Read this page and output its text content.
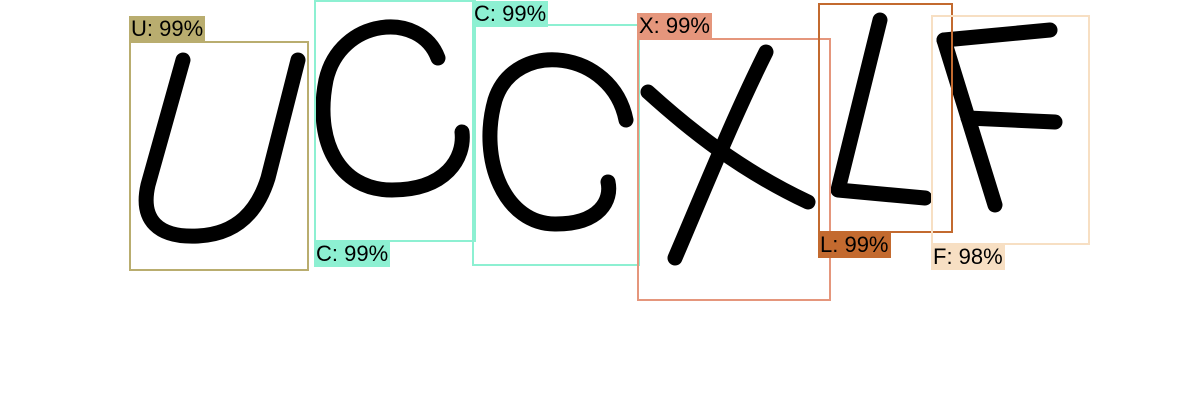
U: 99%
C: 99%
C: 99%	X: 99%
L: 99% F: 98%
